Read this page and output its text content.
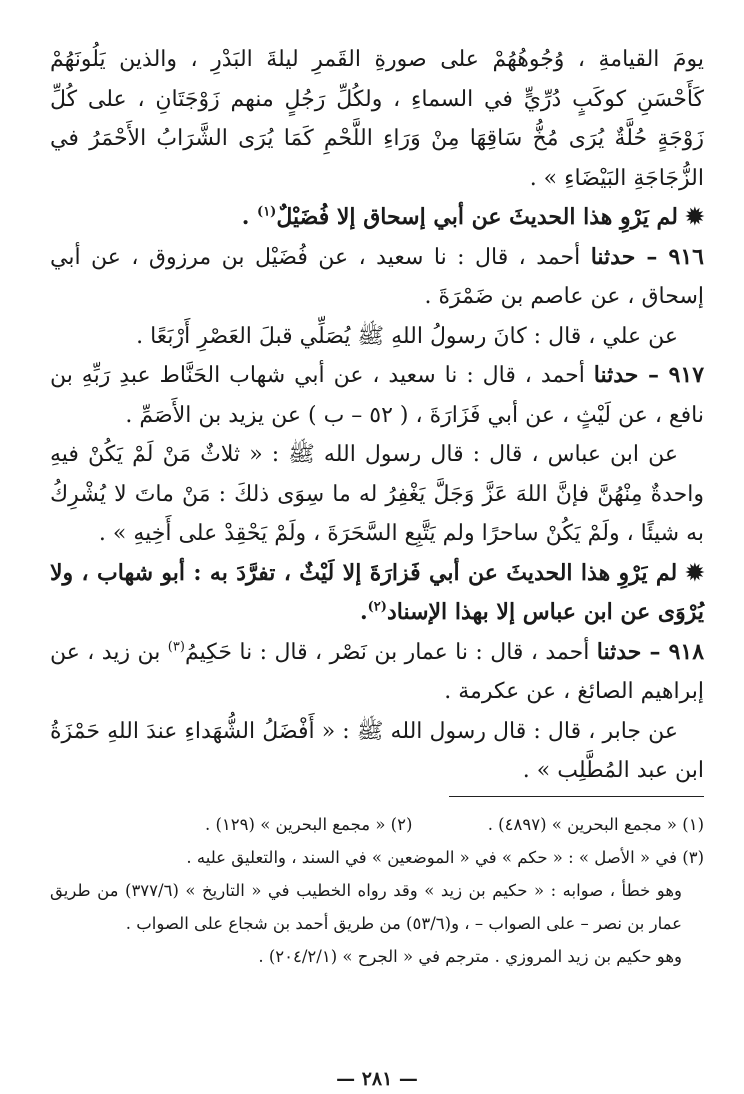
يومَ القيامةِ ، وُجُوهُهُمْ على صورةِ القَمرِ ليلةَ البَدْرِ ، والذين يَلُونَهُمْ كَأَحْسَنِ كوكَبٍ دُرِّيٍّ في السماءِ ، ولكُلِّ رَجُلٍ منهم زَوْجَتَانِ ، على كُلِّ زَوْجَةٍ حُلَّةٌ يُرَى مُخُّ سَاقِهَا مِنْ وَرَاءِ اللَّحْمِ كَمَا يُرَى الشَّرَابُ الأَحْمَرُ في الزُّجَاجَةِ البَيْضَاءِ » .

✹ لم يَرْوِ هذا الحديثَ عن أبي إسحاق إلا فُضَيْلٌ$^{(١)}$ .

٩١٦ – حدثنا أحمد ، قال : نا سعيد ، عن فُضَيْل بن مرزوق ، عن أبي إسحاق ، عن عاصم بن ضَمْرَةَ .

عن علي ، قال : كانَ رسولُ اللهِ ﷺ يُصَلِّي قبلَ العَصْرِ أَرْبَعًا .

٩١٧ – حدثنا أحمد ، قال : نا سعيد ، عن أبي شهاب الحَنَّاط عبدِ رَبِّهِ بن نافع ، عن لَيْثٍ ، عن أبي فَزَارَةَ ، ( ٥٢ – ب ) عن يزيد بن الأَصَمِّ .

عن ابن عباس ، قال : قال رسول الله ﷺ : « ثلاثٌ مَنْ لَمْ يَكُنْ فيهِ واحدةٌ مِنْهُنَّ فإنَّ اللهَ عَزَّ وَجَلَّ يَغْفِرُ له ما سِوَى ذلكَ : مَنْ ماتَ لا يُشْرِكُ به شيئًا ، ولَمْ يَكُنْ ساحرًا ولم يَتَّبِع السَّحَرَةَ ، ولَمْ يَحْقِدْ على أَخِيهِ » .

✹ لم يَرْوِ هذا الحديثَ عن أبي فَزارَةَ إلا لَيْثٌ ، تفرَّدَ به : أبو شهاب ، ولا يُرْوَى عن ابن عباس إلا بهذا الإسناد$^{(٢)}$.

٩١٨ – حدثنا أحمد ، قال : نا عمار بن نَصْر ، قال : نا حَكِيمُ$^{(٣)}$ بن زيد ، عن إبراهيم الصائغ ، عن عكرمة .

عن جابر ، قال : قال رسول الله ﷺ : « أَفْضَلُ الشُّهَداءِ عندَ اللهِ حَمْزَةُ ابن عبد المُطَّلِب » .

(١) « مجمع البحرين » (٤٨٩٧) . (٢) « مجمع البحرين » (١٢٩) .

(٣) في « الأصل » : « حكم » في « الموضعين » في السند ، والتعليق عليه .

وهو خطأ ، صوابه : « حكيم بن زيد » وقد رواه الخطيب في « التاريخ » (٣٧٧/٦) من طريق عمار بن نصر – على الصواب – ، و(٥٣/٦) من طريق أحمد بن شجاع على الصواب .

وهو حكيم بن زيد المروزي . مترجم في « الجرح » (٢٠٤/٢/١) .

— ٢٨١ —
